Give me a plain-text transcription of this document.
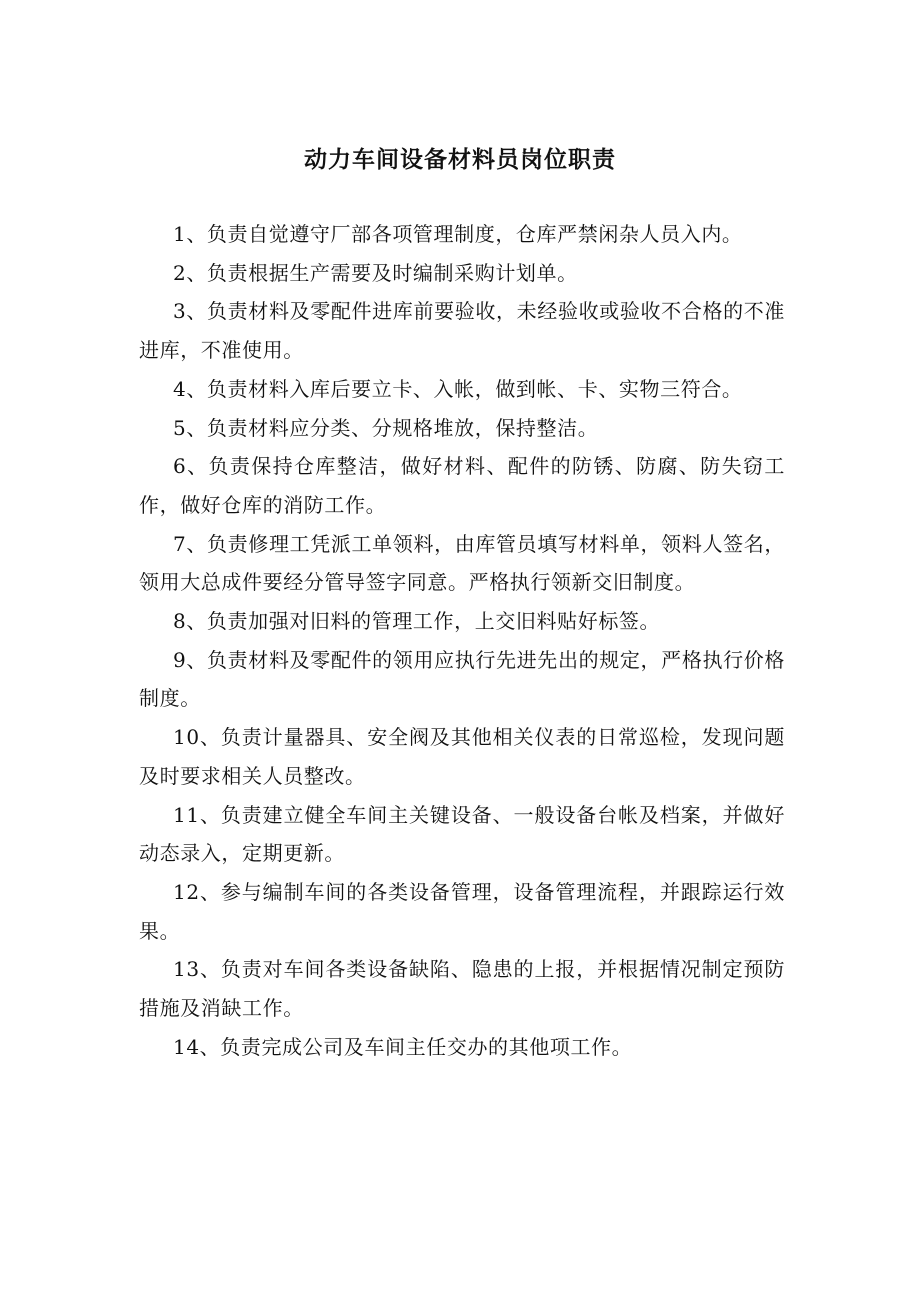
动力车间设备材料员岗位职责

1、负责自觉遵守厂部各项管理制度，仓库严禁闲杂人员入内。

2、负责根据生产需要及时编制采购计划单。

3、负责材料及零配件进库前要验收，未经验收或验收不合格的不准进库，不准使用。

4、负责材料入库后要立卡、入帐，做到帐、卡、实物三符合。

5、负责材料应分类、分规格堆放，保持整洁。

6、负责保持仓库整洁，做好材料、配件的防锈、防腐、防失窃工作，做好仓库的消防工作。

7、负责修理工凭派工单领料，由库管员填写材料单，领料人签名，领用大总成件要经分管导签字同意。严格执行领新交旧制度。

8、负责加强对旧料的管理工作，上交旧料贴好标签。

9、负责材料及零配件的领用应执行先进先出的规定，严格执行价格制度。

10、负责计量器具、安全阀及其他相关仪表的日常巡检，发现问题及时要求相关人员整改。

11、负责建立健全车间主关键设备、一般设备台帐及档案，并做好动态录入，定期更新。

12、参与编制车间的各类设备管理，设备管理流程，并跟踪运行效果。

13、负责对车间各类设备缺陷、隐患的上报，并根据情况制定预防措施及消缺工作。

14、负责完成公司及车间主任交办的其他项工作。
